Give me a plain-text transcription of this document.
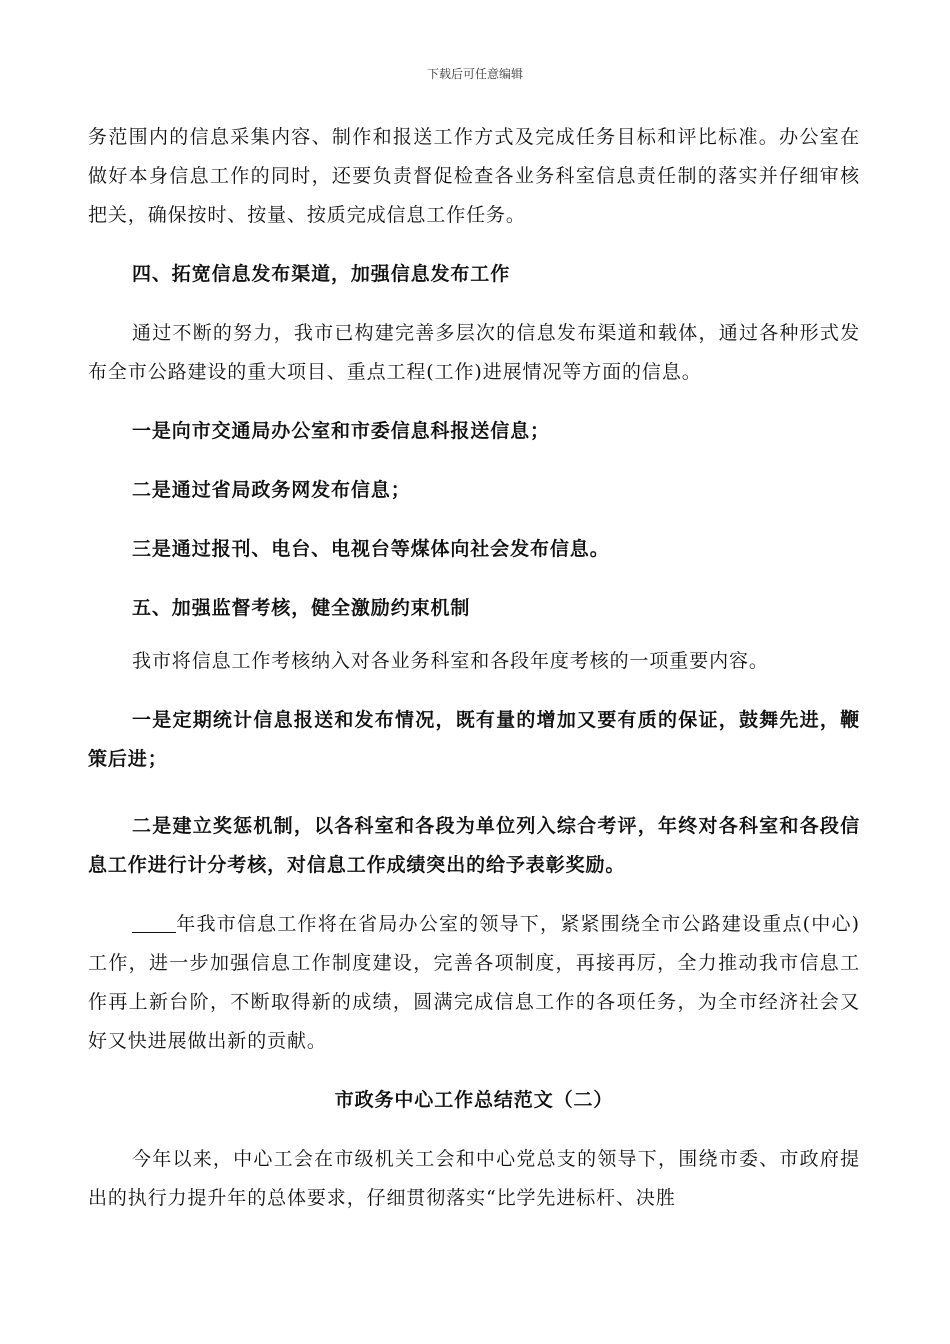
下载后可任意编辑

务范围内的信息采集内容、制作和报送工作方式及完成任务目标和评比标准。办公室在做好本身信息工作的同时，还要负责督促检查各业务科室信息责任制的落实并仔细审核把关，确保按时、按量、按质完成信息工作任务。

四、拓宽信息发布渠道，加强信息发布工作

通过不断的努力，我市已构建完善多层次的信息发布渠道和载体，通过各种形式发布全市公路建设的重大项目、重点工程(工作)进展情况等方面的信息。

一是向市交通局办公室和市委信息科报送信息；

二是通过省局政务网发布信息；

三是通过报刊、电台、电视台等煤体向社会发布信息。

五、加强监督考核，健全激励约束机制

我市将信息工作考核纳入对各业务科室和各段年度考核的一项重要内容。

一是定期统计信息报送和发布情况，既有量的增加又要有质的保证，鼓舞先进，鞭策后进；

二是建立奖惩机制，以各科室和各段为单位列入综合考评，年终对各科室和各段信息工作进行计分考核，对信息工作成绩突出的给予表彰奖励。

年我市信息工作将在省局办公室的领导下，紧紧围绕全市公路建设重点(中心)工作，进一步加强信息工作制度建设，完善各项制度，再接再厉，全力推动我市信息工作再上新台阶，不断取得新的成绩，圆满完成信息工作的各项任务，为全市经济社会又好又快进展做出新的贡献。

市政务中心工作总结范文（二）

今年以来，中心工会在市级机关工会和中心党总支的领导下，围绕市委、市政府提出的执行力提升年的总体要求，仔细贯彻落实“比学先进标杆、决胜
